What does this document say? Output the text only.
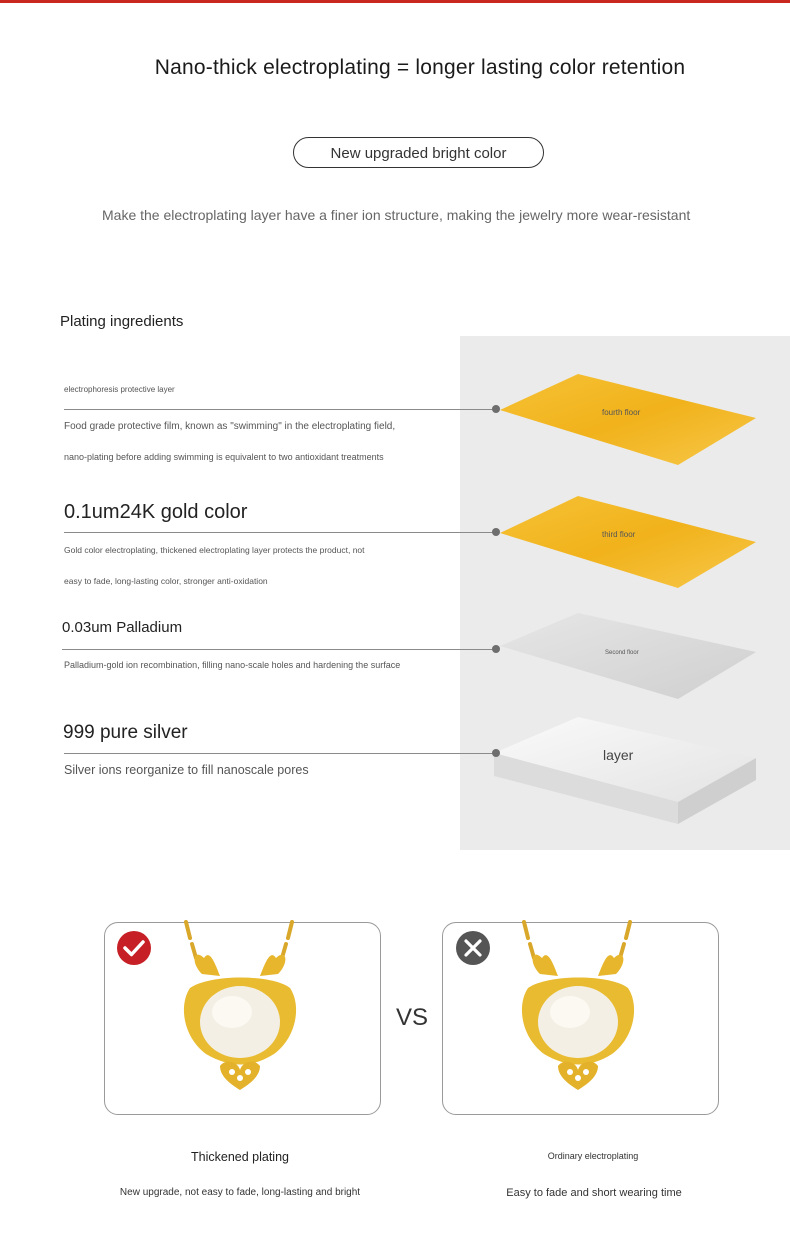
Nano-thick electroplating = longer lasting color retention
New upgraded bright color
Make the electroplating layer have a finer ion structure, making the jewelry more wear-resistant
Plating ingredients
fourth floor
third floor
Second floor
layer
electrophoresis protective layer
Food grade protective film, known as "swimming" in the electroplating field,
nano-plating before adding swimming is equivalent to two antioxidant treatments
0.1um24K gold color
Gold color electroplating, thickened electroplating layer protects the product, not
easy to fade, long-lasting color, stronger anti-oxidation
0.03um Palladium
Palladium-gold ion recombination, filling nano-scale holes and hardening the surface
999 pure silver
Silver ions reorganize to fill nanoscale pores
VS
Thickened plating
New upgrade, not easy to fade, long-lasting and bright
Ordinary electroplating
Easy to fade and short wearing time
